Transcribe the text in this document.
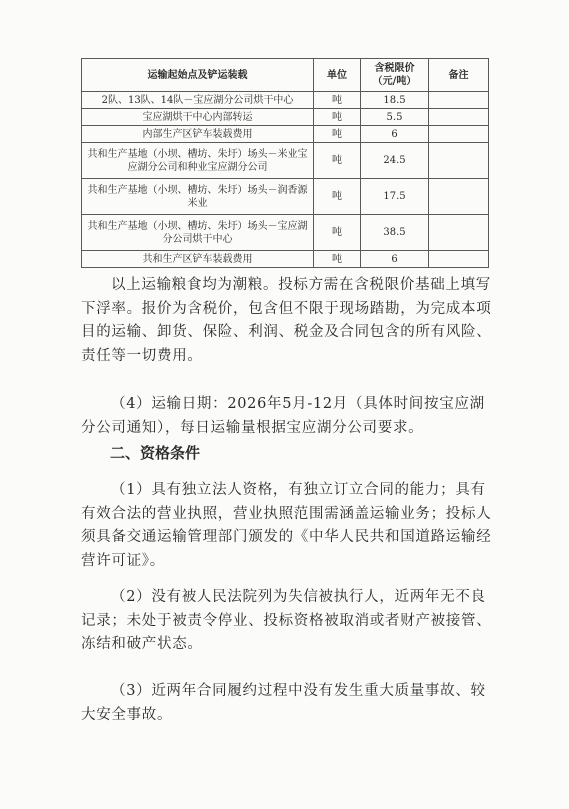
运输起始点及铲运装载	单位	含税限价（元/吨）	备注
2队、13队、14队－宝应湖分公司烘干中心	吨	18.5	
宝应湖烘干中心内部转运	吨	5.5	
内部生产区铲车装载费用	吨	6	
共和生产基地（小坝、槽坊、朱圩）场头－米业宝应湖分公司和种业宝应湖分公司	吨	24.5	
共和生产基地（小坝、槽坊、朱圩）场头－润香源米业	吨	17.5	
共和生产基地（小坝、槽坊、朱圩）场头－宝应湖分公司烘干中心	吨	38.5	
共和生产区铲车装载费用	吨	6	

以上运输粮食均为潮粮。投标方需在含税限价基础上填写下浮率。报价为含税价，包含但不限于现场踏勘，为完成本项目的运输、卸货、保险、利润、税金及合同包含的所有风险、责任等一切费用。

（4）运输日期：2026年5月-12月（具体时间按宝应湖分公司通知），每日运输量根据宝应湖分公司要求。

二、资格条件

（1）具有独立法人资格，有独立订立合同的能力；具有有效合法的营业执照，营业执照范围需涵盖运输业务；投标人须具备交通运输管理部门颁发的《中华人民共和国道路运输经营许可证》。

（2）没有被人民法院列为失信被执行人，近两年无不良记录；未处于被责令停业、投标资格被取消或者财产被接管、冻结和破产状态。

（3）近两年合同履约过程中没有发生重大质量事故、较大安全事故。
